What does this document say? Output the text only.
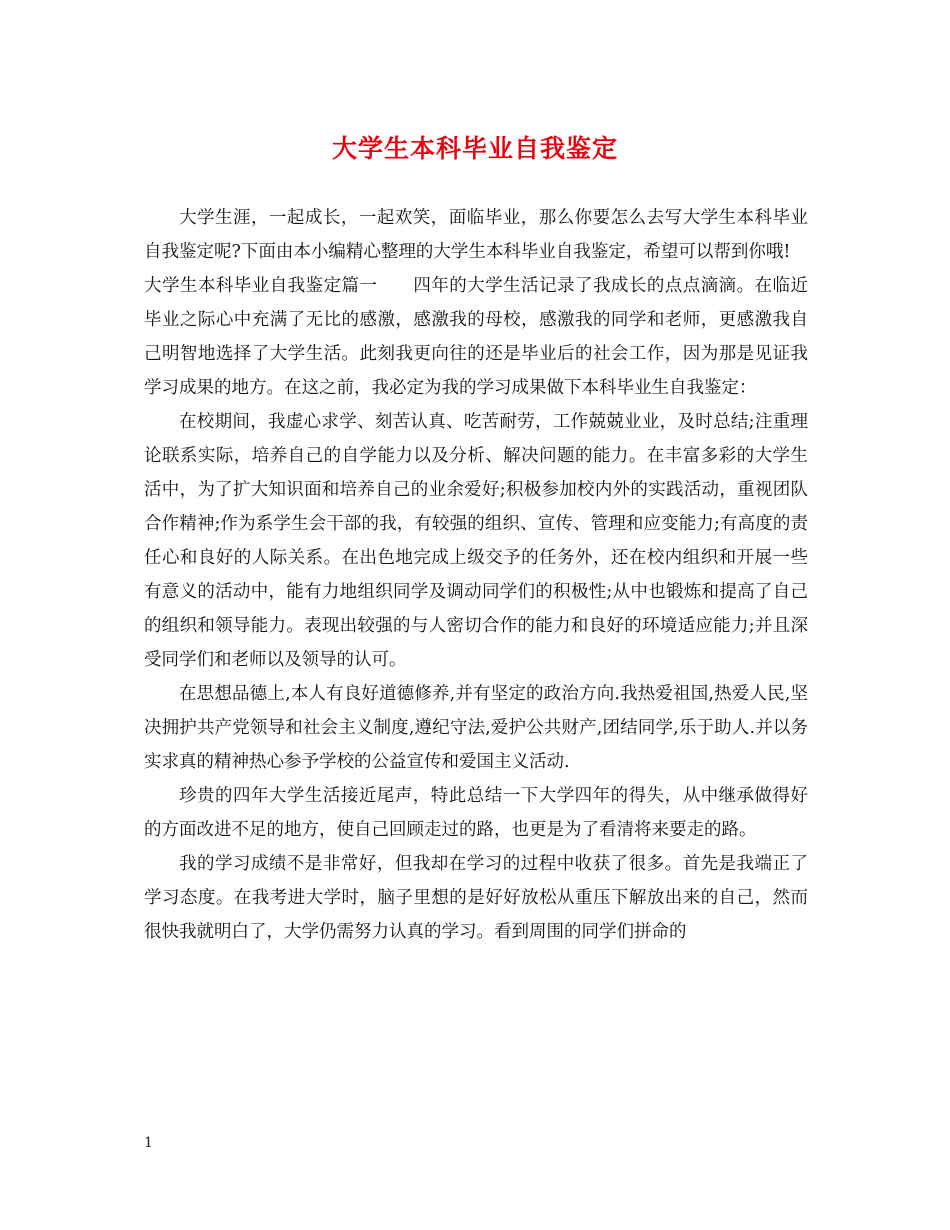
大学生本科毕业自我鉴定

大学生涯，一起成长，一起欢笑，面临毕业，那么你要怎么去写大学生本科毕业自我鉴定呢?下面由本小编精心整理的大学生本科毕业自我鉴定，希望可以帮到你哦!

大学生本科毕业自我鉴定篇一　　四年的大学生活记录了我成长的点点滴滴。在临近毕业之际心中充满了无比的感激，感激我的母校，感激我的同学和老师，更感激我自己明智地选择了大学生活。此刻我更向往的还是毕业后的社会工作，因为那是见证我学习成果的地方。在这之前，我必定为我的学习成果做下本科毕业生自我鉴定：

在校期间，我虚心求学、刻苦认真、吃苦耐劳，工作兢兢业业，及时总结;注重理论联系实际，培养自己的自学能力以及分析、解决问题的能力。在丰富多彩的大学生活中，为了扩大知识面和培养自己的业余爱好;积极参加校内外的实践活动，重视团队合作精神;作为系学生会干部的我，有较强的组织、宣传、管理和应变能力;有高度的责任心和良好的人际关系。在出色地完成上级交予的任务外，还在校内组织和开展一些有意义的活动中，能有力地组织同学及调动同学们的积极性;从中也锻炼和提高了自己的组织和领导能力。表现出较强的与人密切合作的能力和良好的环境适应能力;并且深受同学们和老师以及领导的认可。

在思想品德上,本人有良好道德修养,并有坚定的政治方向.我热爱祖国,热爱人民,坚决拥护共产党领导和社会主义制度,遵纪守法,爱护公共财产,团结同学,乐于助人.并以务实求真的精神热心参予学校的公益宣传和爱国主义活动.

珍贵的四年大学生活接近尾声，特此总结一下大学四年的得失，从中继承做得好的方面改进不足的地方，使自己回顾走过的路，也更是为了看清将来要走的路。

我的学习成绩不是非常好，但我却在学习的过程中收获了很多。首先是我端正了学习态度。在我考进大学时，脑子里想的是好好放松从重压下解放出来的自己，然而很快我就明白了，大学仍需努力认真的学习。看到周围的同学们拼命的

1
